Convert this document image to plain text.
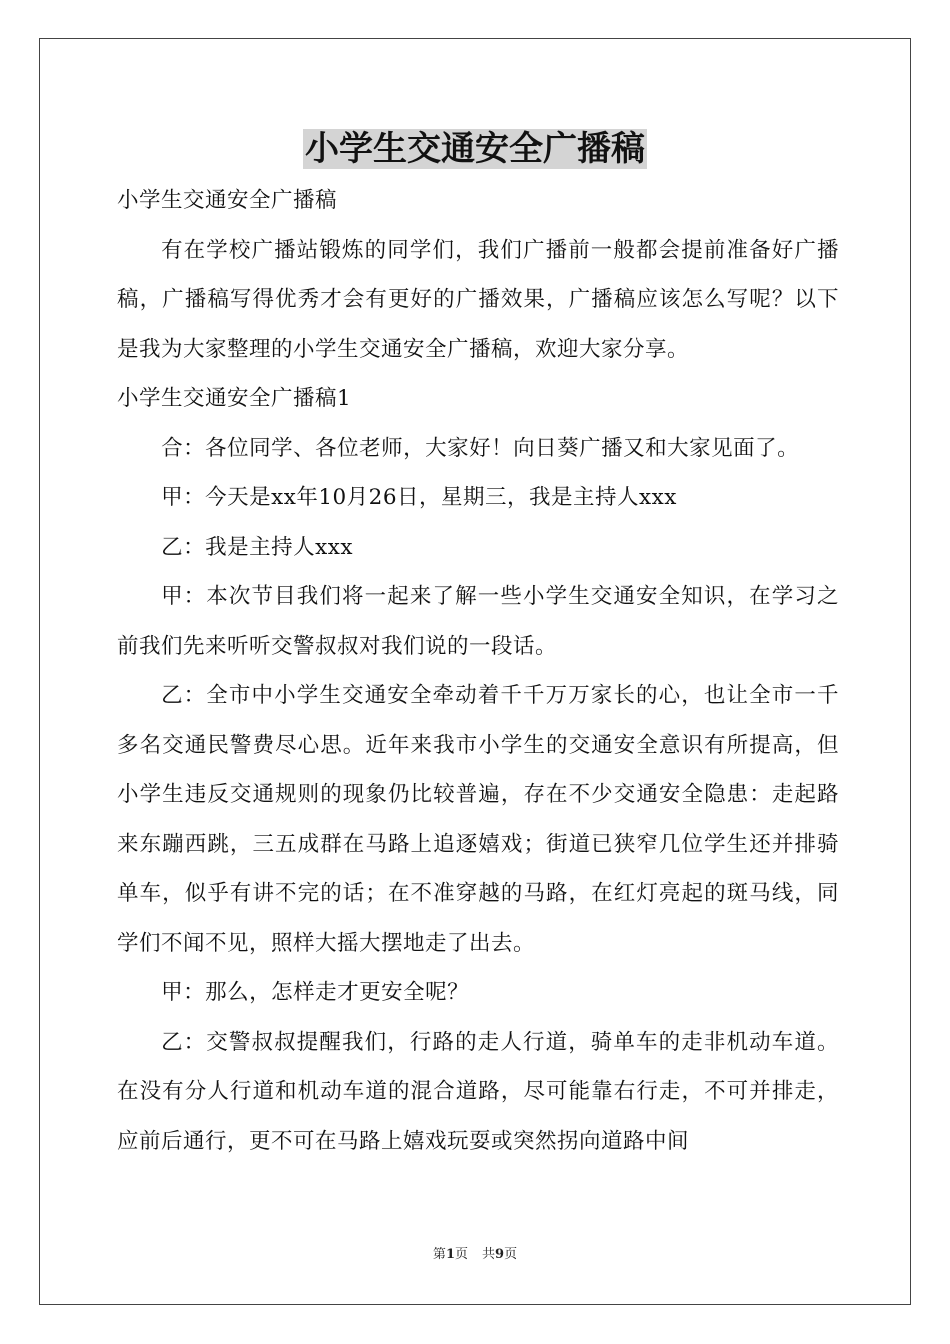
小学生交通安全广播稿

小学生交通安全广播稿

有在学校广播站锻炼的同学们，我们广播前一般都会提前准备好广播稿，广播稿写得优秀才会有更好的广播效果，广播稿应该怎么写呢？以下是我为大家整理的小学生交通安全广播稿，欢迎大家分享。

小学生交通安全广播稿1

合：各位同学、各位老师，大家好！向日葵广播又和大家见面了。

甲：今天是xx年10月26日，星期三，我是主持人xxx

乙：我是主持人xxx

甲：本次节目我们将一起来了解一些小学生交通安全知识，在学习之前我们先来听听交警叔叔对我们说的一段话。

乙：全市中小学生交通安全牵动着千千万万家长的心，也让全市一千多名交通民警费尽心思。近年来我市小学生的交通安全意识有所提高，但小学生违反交通规则的现象仍比较普遍，存在不少交通安全隐患：走起路来东蹦西跳，三五成群在马路上追逐嬉戏；街道已狭窄几位学生还并排骑单车，似乎有讲不完的话；在不准穿越的马路，在红灯亮起的斑马线，同学们不闻不见，照样大摇大摆地走了出去。

甲：那么，怎样走才更安全呢？

乙：交警叔叔提醒我们，行路的走人行道，骑单车的走非机动车道。在没有分人行道和机动车道的混合道路，尽可能靠右行走，不可并排走，应前后通行，更不可在马路上嬉戏玩耍或突然拐向道路中间

第1页 共9页
